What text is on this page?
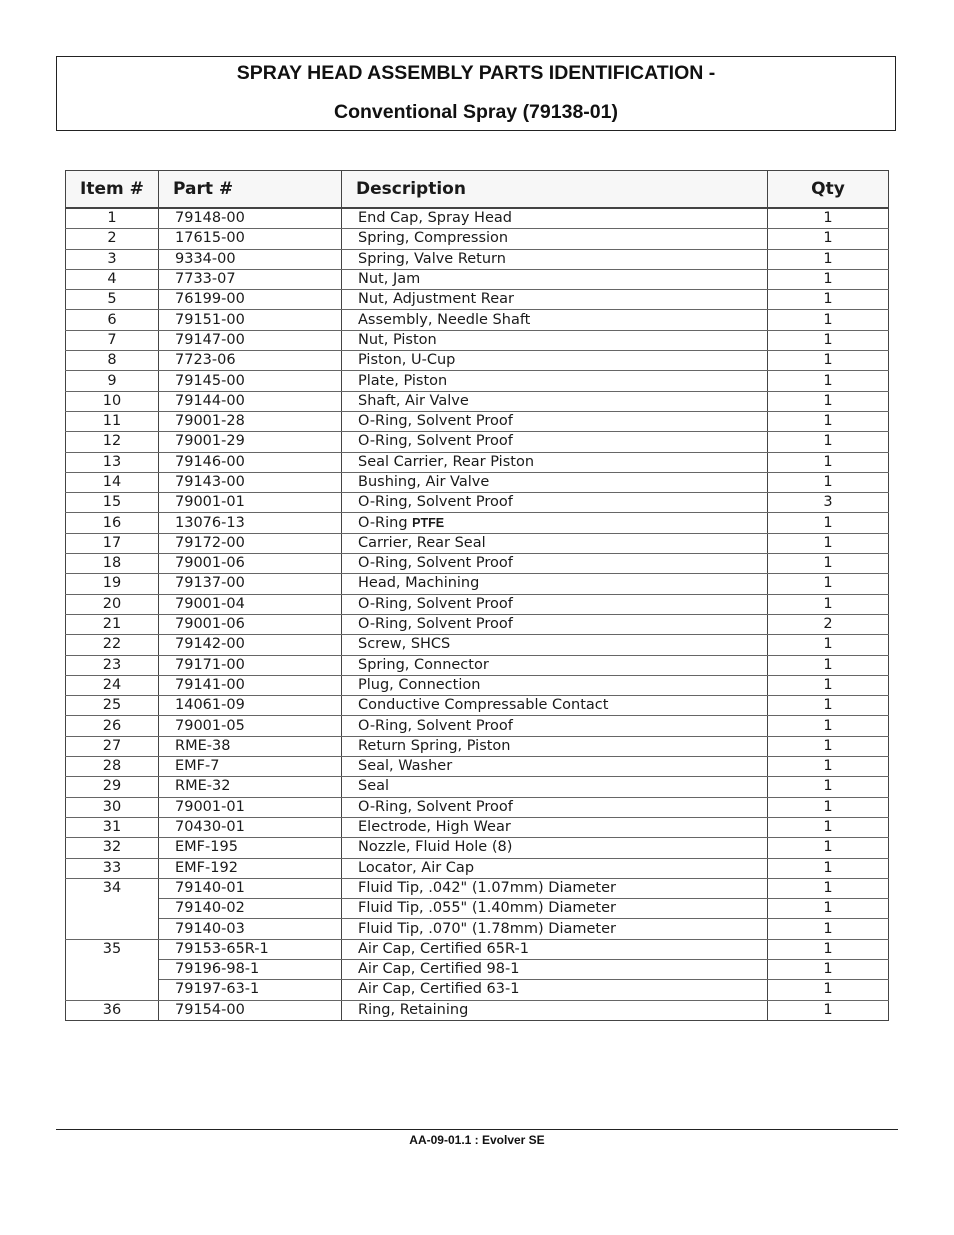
SPRAY HEAD ASSEMBLY PARTS IDENTIFICATION -
Conventional Spray (79138-01)
Item #	Part #	Description	Qty
1	79148-00	End Cap, Spray Head	1
2	17615-00	Spring, Compression	1
3	9334-00	Spring, Valve Return	1
4	7733-07	Nut, Jam	1
5	76199-00	Nut, Adjustment Rear	1
6	79151-00	Assembly, Needle Shaft	1
7	79147-00	Nut, Piston	1
8	7723-06	Piston, U-Cup	1
9	79145-00	Plate, Piston	1
10	79144-00	Shaft, Air Valve	1
11	79001-28	O-Ring, Solvent Proof	1
12	79001-29	O-Ring, Solvent Proof	1
13	79146-00	Seal Carrier, Rear Piston	1
14	79143-00	Bushing, Air Valve	1
15	79001-01	O-Ring, Solvent Proof	3
16	13076-13	O-Ring PTFE	1
17	79172-00	Carrier, Rear Seal	1
18	79001-06	O-Ring, Solvent Proof	1
19	79137-00	Head, Machining	1
20	79001-04	O-Ring, Solvent Proof	1
21	79001-06	O-Ring, Solvent Proof	2
22	79142-00	Screw, SHCS	1
23	79171-00	Spring, Connector	1
24	79141-00	Plug, Connection	1
25	14061-09	Conductive Compressable Contact	1
26	79001-05	O-Ring, Solvent Proof	1
27	RME-38	Return Spring, Piston	1
28	EMF-7	Seal, Washer	1
29	RME-32	Seal	1
30	79001-01	O-Ring, Solvent Proof	1
31	70430-01	Electrode, High Wear	1
32	EMF-195	Nozzle, Fluid Hole (8)	1
33	EMF-192	Locator, Air Cap	1
34	79140-01	Fluid Tip, .042" (1.07mm) Diameter	1
	79140-02	Fluid Tip, .055" (1.40mm) Diameter	1
	79140-03	Fluid Tip, .070" (1.78mm) Diameter	1
35	79153-65R-1	Air Cap, Certified 65R-1	1
	79196-98-1	Air Cap, Certified 98-1	1
	79197-63-1	Air Cap, Certified 63-1	1
36	79154-00	Ring, Retaining	1
AA-09-01.1 : Evolver SE
